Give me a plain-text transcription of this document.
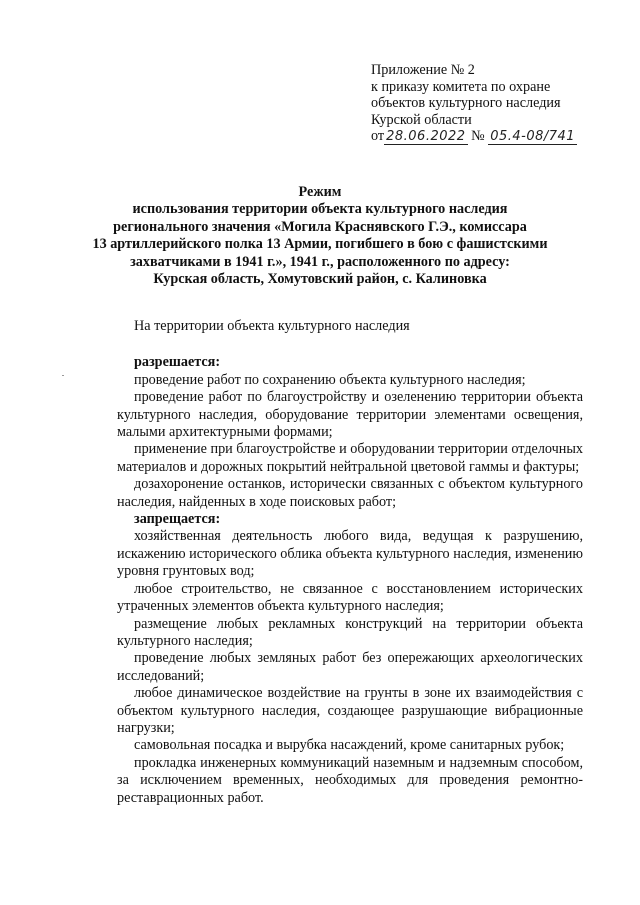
Приложение № 2
к приказу комитета по охране
объектов культурного наследия
Курской области
от 28.06.2022 № 05.4-08/741
Режим
использования территории объекта культурного наследия
регионального значения «Могила Краснявского Г.Э., комиссара
13 артиллерийского полка 13 Армии, погибшего в бою с фашистскими
захватчиками в 1941 г.», 1941 г., расположенного по адресу:
Курская область, Хомутовский район, с. Калиновка
На территории объекта культурного наследия
разрешается:
проведение работ по сохранению объекта культурного наследия;
проведение работ по благоустройству и озеленению территории объекта культурного наследия, оборудование территории элементами освещения, малыми архитектурными формами;
применение при благоустройстве и оборудовании территории отделочных материалов и дорожных покрытий нейтральной цветовой гаммы и фактуры;
дозахоронение останков, исторически связанных с объектом культурного наследия, найденных в ходе поисковых работ;
запрещается:
хозяйственная деятельность любого вида, ведущая к разрушению, искажению исторического облика объекта культурного наследия, изменению уровня грунтовых вод;
любое строительство, не связанное с восстановлением исторических утраченных элементов объекта культурного наследия;
размещение любых рекламных конструкций на территории объекта культурного наследия;
проведение любых земляных работ без опережающих археологических исследований;
любое динамическое воздействие на грунты в зоне их взаимодействия с объектом культурного наследия, создающее разрушающие вибрационные нагрузки;
самовольная посадка и вырубка насаждений, кроме санитарных рубок;
прокладка инженерных коммуникаций наземным и надземным способом, за исключением временных, необходимых для проведения ремонтно-реставрационных работ.
